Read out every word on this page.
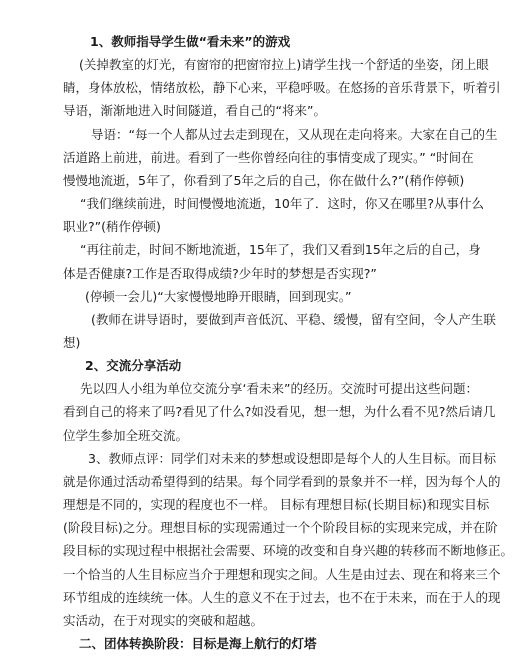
1、教师指导学生做“看未来”的游戏
(关掉教室的灯光，有窗帘的把窗帘拉上)请学生找一个舒适的坐姿，闭上眼
睛，身体放松，情绪放松，静下心来，平稳呼吸。在悠扬的音乐背景下，听着引
导语，渐渐地进入时间隧道，看自己的“将来”。
导语：“每一个人都从过去走到现在，又从现在走向将来。大家在自己的生
活道路上前进，前进。看到了一些你曾经向往的事情变成了现实。” “时间在
慢慢地流逝，5年了，你看到了5年之后的自己，你在做什么?”(稍作停顿)
“我们继续前进，时间慢慢地流逝，10年了．这时，你又在哪里?从事什么
职业?”(稍作停顿)
“再往前走，时间不断地流逝，15年了，我们又看到15年之后的自己，身
体是否健康?工作是否取得成绩?少年时的梦想是否实现?”
(停顿一会儿)“大家慢慢地睁开眼睛，回到现实。”
(教师在讲导语时，要做到声音低沉、平稳、缓慢，留有空间，令人产生联
想)
2、交流分享活动
先以四人小组为单位交流分享‘看未来”的经历。交流时可提出这些问题：
看到自己的将来了吗?看见了什么?如没看见，想一想，为什么看不见?然后请几
位学生参加全班交流。
3、教师点评：同学们对未来的梦想或设想即是每个人的人生目标。而目标
就是你通过活动希望得到的结果。每个同学看到的景象并不一样，因为每个人的
理想是不同的，实现的程度也不一样。 目标有理想目标(长期目标)和现实目标
(阶段目标)之分。理想目标的实现需通过一个个阶段目标的实现来完成，并在阶
段目标的实现过程中根据社会需要、环境的改变和自身兴趣的转移而不断地修正。
一个恰当的人生目标应当介于理想和现实之间。人生是由过去、现在和将来三个
环节组成的连续统一体。人生的意义不在于过去，也不在于未来，而在于人的现
实活动，在于对现实的突破和超越。
二、团体转换阶段：目标是海上航行的灯塔
